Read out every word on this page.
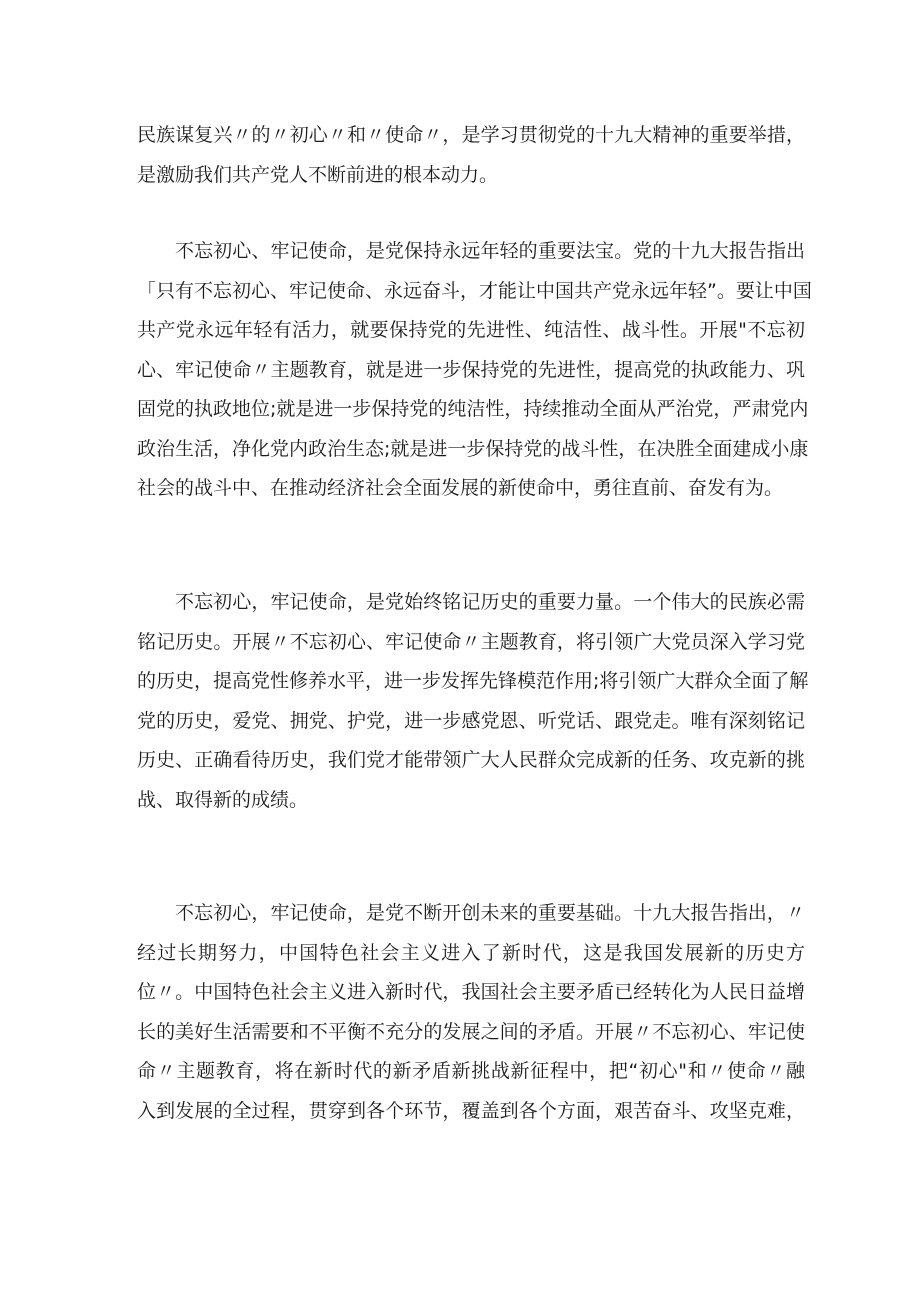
民族谋复兴〃的〃初心〃和〃使命〃，是学习贯彻党的十九大精神的重要举措，
是激励我们共产党人不断前进的根本动力。
不忘初心、牢记使命，是党保持永远年轻的重要法宝。党的十九大报告指出
「只有不忘初心、牢记使命、永远奋斗，才能让中国共产党永远年轻”。要让中国
共产党永远年轻有活力，就要保持党的先进性、纯洁性、战斗性。开展"不忘初
心、牢记使命〃主题教育，就是进一步保持党的先进性，提高党的执政能力、巩
固党的执政地位;就是进一步保持党的纯洁性，持续推动全面从严治党，严肃党内
政治生活，净化党内政治生态;就是进一步保持党的战斗性，在决胜全面建成小康
社会的战斗中、在推动经济社会全面发展的新使命中，勇往直前、奋发有为。
不忘初心，牢记使命，是党始终铭记历史的重要力量。一个伟大的民族必需
铭记历史。开展〃不忘初心、牢记使命〃主题教育，将引领广大党员深入学习党
的历史，提高党性修养水平，进一步发挥先锋模范作用;将引领广大群众全面了解
党的历史，爱党、拥党、护党，进一步感党恩、听党话、跟党走。唯有深刻铭记
历史、正确看待历史，我们党才能带领广大人民群众完成新的任务、攻克新的挑
战、取得新的成绩。
不忘初心，牢记使命，是党不断开创未来的重要基础。十九大报告指出，〃
经过长期努力，中国特色社会主义进入了新时代，这是我国发展新的历史方
位〃。中国特色社会主义进入新时代，我国社会主要矛盾已经转化为人民日益增
长的美好生活需要和不平衡不充分的发展之间的矛盾。开展〃不忘初心、牢记使
命〃主题教育，将在新时代的新矛盾新挑战新征程中，把“初心"和〃使命〃融
入到发展的全过程，贯穿到各个环节，覆盖到各个方面，艰苦奋斗、攻坚克难，
